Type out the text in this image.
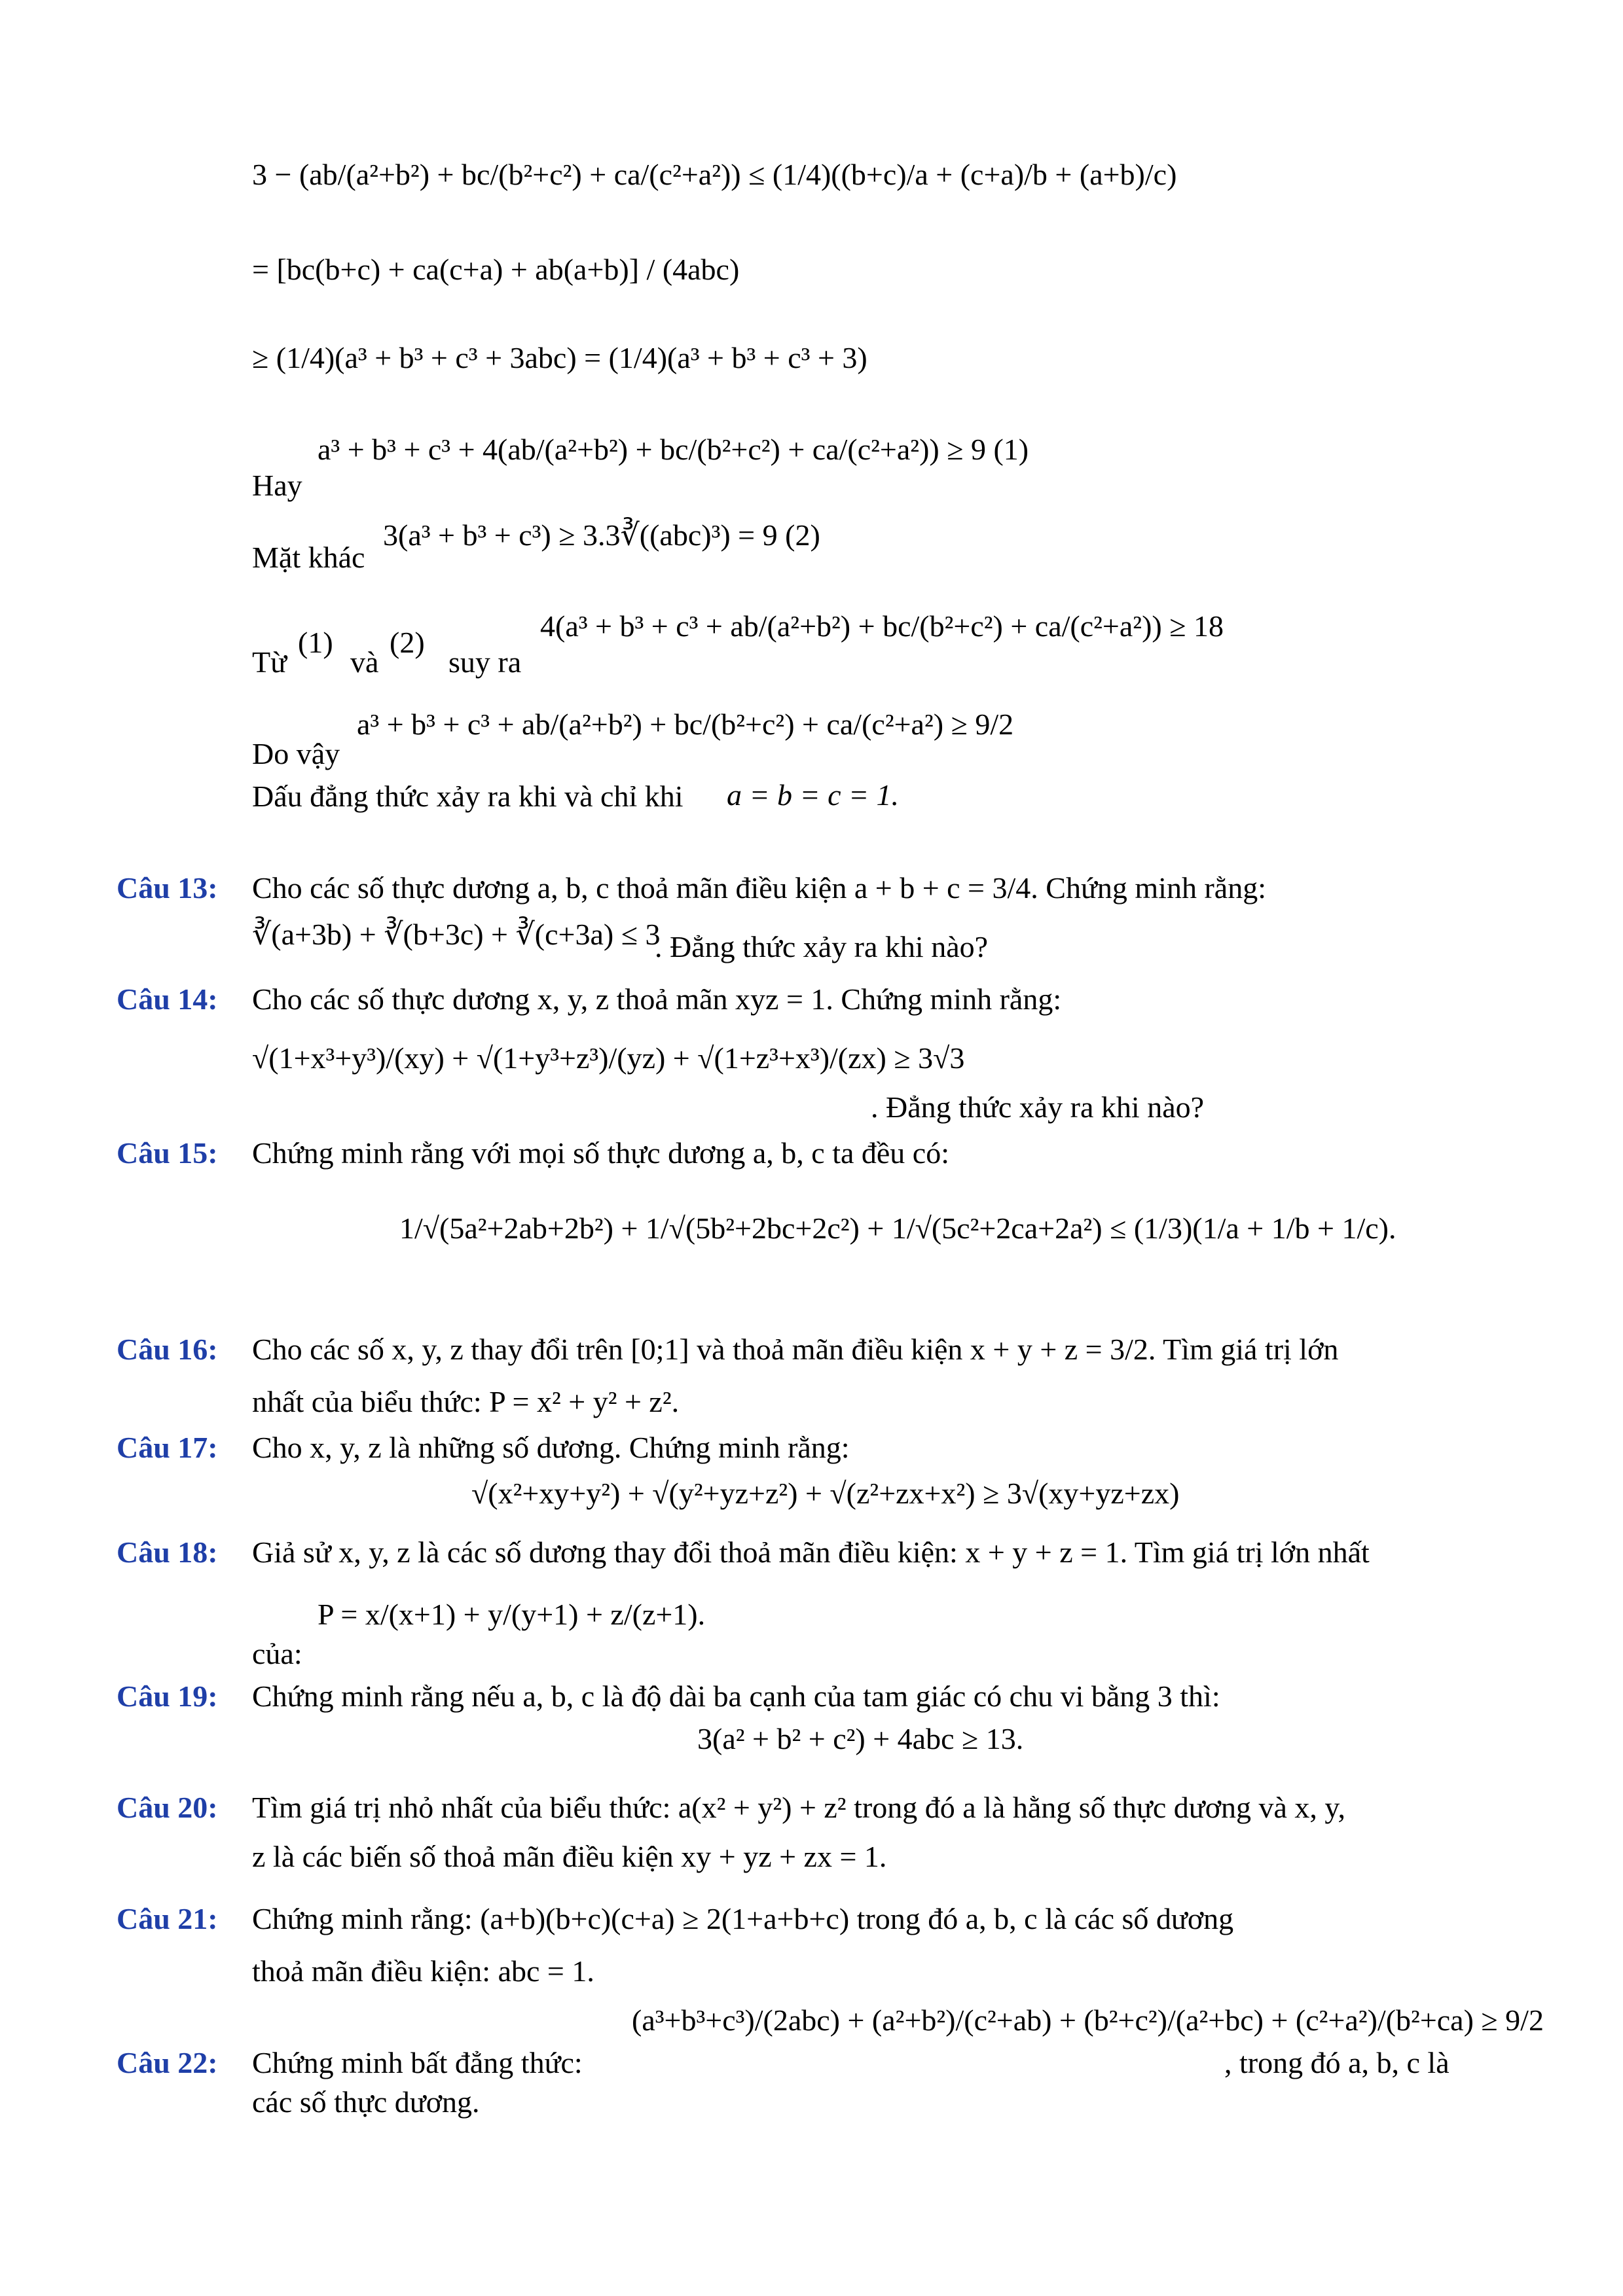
3 − (ab/(a²+b²) + bc/(b²+c²) + ca/(c²+a²)) ≤ (1/4)((b+c)/a + (c+a)/b + (a+b)/c)
= [bc(b+c) + ca(c+a) + ab(a+b)] / (4abc)
≥ (1/4)(a³ + b³ + c³ + 3abc) = (1/4)(a³ + b³ + c³ + 3)
a³ + b³ + c³ + 4(ab/(a²+b²) + bc/(b²+c²) + ca/(c²+a²)) ≥ 9 (1)
Hay
Mặt khác
3(a³ + b³ + c³) ≥ 3.3∛((abc)³) = 9 (2)
Từ
(1)
và
(2)
suy ra
4(a³ + b³ + c³ + ab/(a²+b²) + bc/(b²+c²) + ca/(c²+a²)) ≥ 18
a³ + b³ + c³ + ab/(a²+b²) + bc/(b²+c²) + ca/(c²+a²) ≥ 9/2
Do vậy
Dấu đẳng thức xảy ra khi và chỉ khi a = b = c = 1.
Câu 13: Cho các số thực dương a, b, c thoả mãn điều kiện a + b + c = 3/4. Chứng minh rằng:
∛(a+3b) + ∛(b+3c) + ∛(c+3a) ≤ 3
. Đẳng thức xảy ra khi nào?
Câu 14: Cho các số thực dương x, y, z thoả mãn xyz = 1. Chứng minh rằng:
√(1+x³+y³)/(xy) + √(1+y³+z³)/(yz) + √(1+z³+x³)/(zx) ≥ 3√3
. Đẳng thức xảy ra khi nào?
Câu 15: Chứng minh rằng với mọi số thực dương a, b, c ta đều có:
1/√(5a²+2ab+2b²) + 1/√(5b²+2bc+2c²) + 1/√(5c²+2ca+2a²) ≤ (1/3)(1/a + 1/b + 1/c).
Câu 16: Cho các số x, y, z thay đổi trên [0;1] và thoả mãn điều kiện x + y + z = 3/2. Tìm giá trị lớn
nhất của biểu thức: P = x² + y² + z².
Câu 17: Cho x, y, z là những số dương. Chứng minh rằng:
√(x²+xy+y²) + √(y²+yz+z²) + √(z²+zx+x²) ≥ 3√(xy+yz+zx)
Câu 18: Giả sử x, y, z là các số dương thay đổi thoả mãn điều kiện: x + y + z = 1. Tìm giá trị lớn nhất
P = x/(x+1) + y/(y+1) + z/(z+1).
của:
Câu 19: Chứng minh rằng nếu a, b, c là độ dài ba cạnh của tam giác có chu vi bằng 3 thì:
3(a² + b² + c²) + 4abc ≥ 13.
Câu 20: Tìm giá trị nhỏ nhất của biểu thức: a(x² + y²) + z² trong đó a là hằng số thực dương và x, y,
z là các biến số thoả mãn điều kiện xy + yz + zx = 1.
Câu 21: Chứng minh rằng: (a+b)(b+c)(c+a) ≥ 2(1+a+b+c) trong đó a, b, c là các số dương
thoả mãn điều kiện: abc = 1.
(a³+b³+c³)/(2abc) + (a²+b²)/(c²+ab) + (b²+c²)/(a²+bc) + (c²+a²)/(b²+ca) ≥ 9/2
Câu 22: Chứng minh bất đẳng thức:	, trong đó a, b, c là
các số thực dương.
